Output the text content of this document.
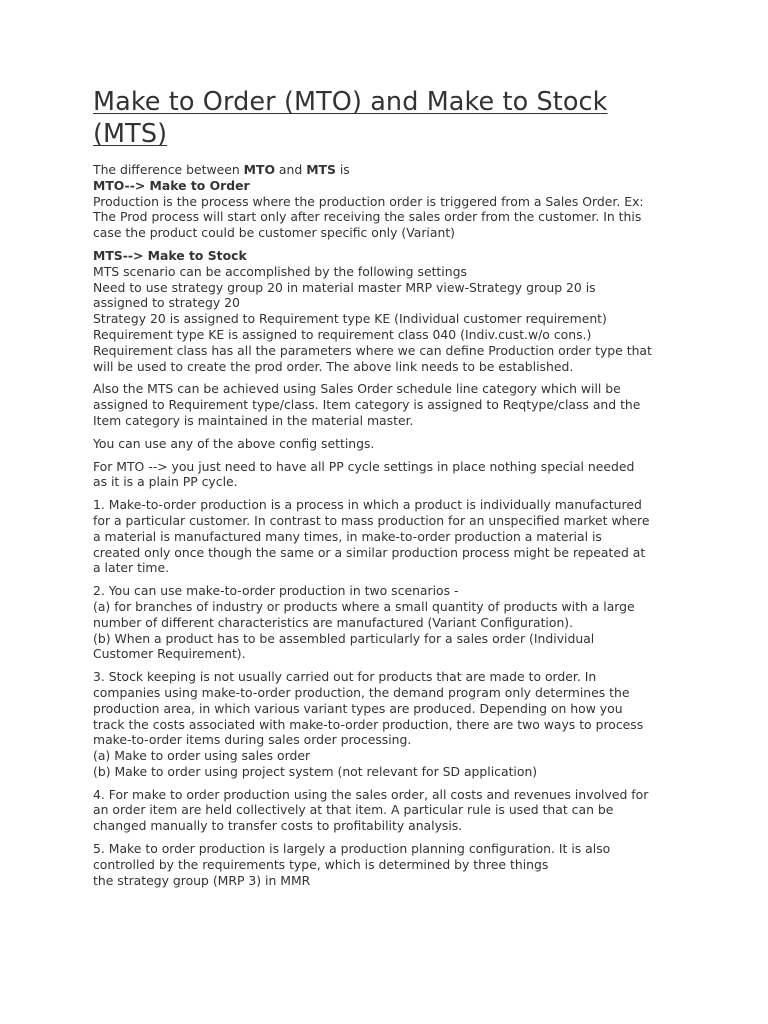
Make to Order (MTO) and Make to Stock (MTS)
The difference between MTO and MTS is
MTO--> Make to Order
Production is the process where the production order is triggered from a Sales Order. Ex:
The Prod process will start only after receiving the sales order from the customer. In this
case the product could be customer specific only (Variant)
MTS--> Make to Stock
MTS scenario can be accomplished by the following settings
Need to use strategy group 20 in material master MRP view-Strategy group 20 is
assigned to strategy 20
Strategy 20 is assigned to Requirement type KE (Individual customer requirement)
Requirement type KE is assigned to requirement class 040 (Indiv.cust.w/o cons.)
Requirement class has all the parameters where we can define Production order type that
will be used to create the prod order. The above link needs to be established.
Also the MTS can be achieved using Sales Order schedule line category which will be
assigned to Requirement type/class. Item category is assigned to Reqtype/class and the
Item category is maintained in the material master.
You can use any of the above config settings.
For MTO --> you just need to have all PP cycle settings in place nothing special needed
as it is a plain PP cycle.
1. Make-to-order production is a process in which a product is individually manufactured
for a particular customer. In contrast to mass production for an unspecified market where
a material is manufactured many times, in make-to-order production a material is
created only once though the same or a similar production process might be repeated at
a later time.
2. You can use make-to-order production in two scenarios -
(a) for branches of industry or products where a small quantity of products with a large
number of different characteristics are manufactured (Variant Configuration).
(b) When a product has to be assembled particularly for a sales order (Individual
Customer Requirement).
3. Stock keeping is not usually carried out for products that are made to order. In
companies using make-to-order production, the demand program only determines the
production area, in which various variant types are produced. Depending on how you
track the costs associated with make-to-order production, there are two ways to process
make-to-order items during sales order processing.
(a) Make to order using sales order
(b) Make to order using project system (not relevant for SD application)
4. For make to order production using the sales order, all costs and revenues involved for
an order item are held collectively at that item. A particular rule is used that can be
changed manually to transfer costs to profitability analysis.
5. Make to order production is largely a production planning configuration. It is also
controlled by the requirements type, which is determined by three things
the strategy group (MRP 3) in MMR
